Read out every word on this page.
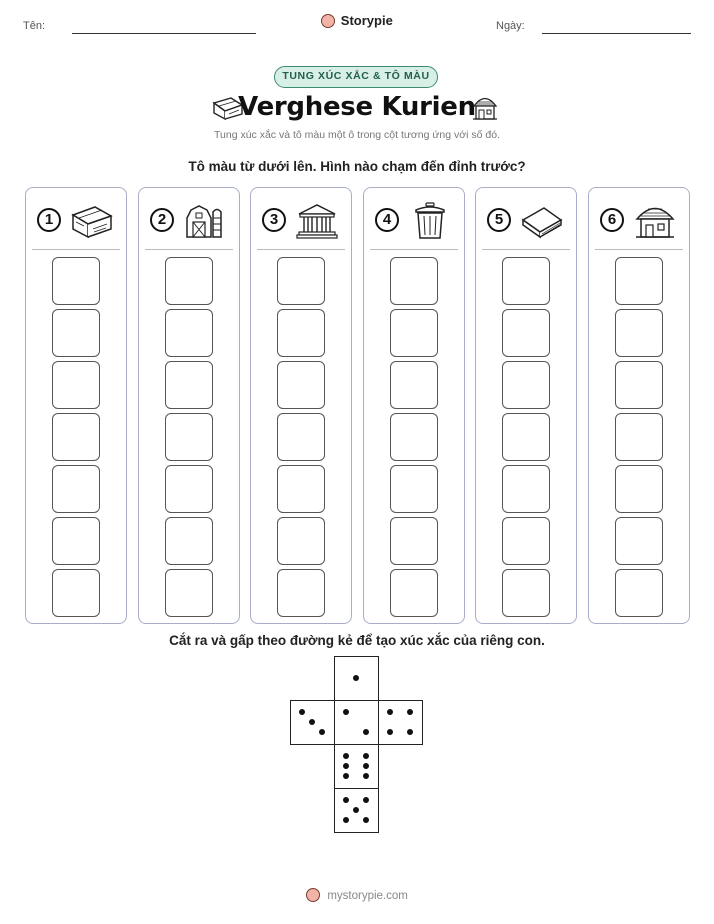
Tên:	Storypie	Ngày:
TUNG XÚC XẮC & TÔ MÀU
Verghese Kurien
Tung xúc xắc và tô màu một ô trong cột tương ứng với số đó.
Tô màu từ dưới lên. Hình nào chạm đến đỉnh trước?
1	2	3	4	5	6
Cắt ra và gấp theo đường kẻ để tạo xúc xắc của riêng con.
mystorypie.com
